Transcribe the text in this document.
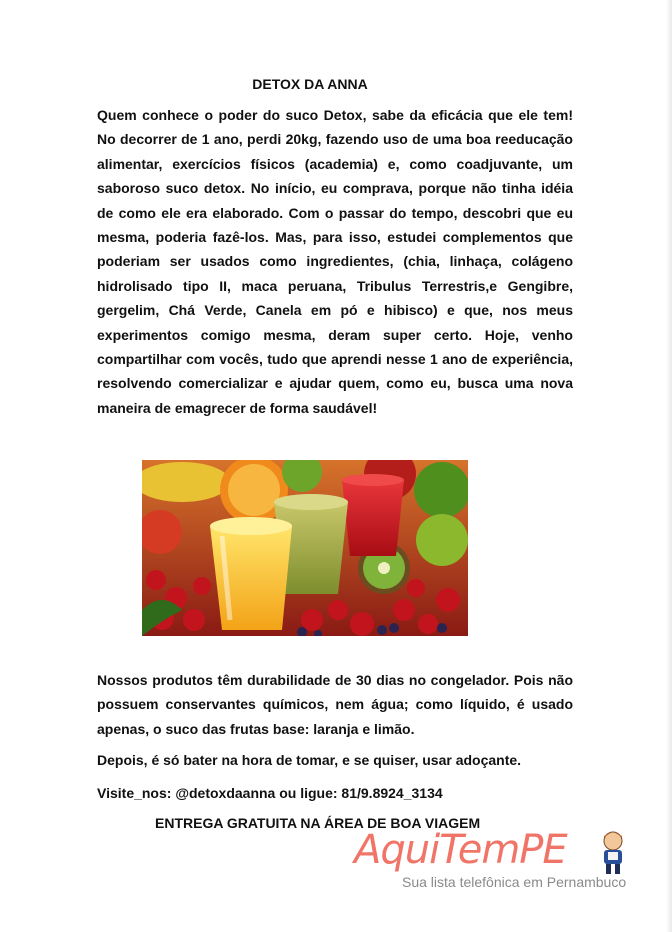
DETOX DA ANNA

Quem conhece o poder do suco Detox, sabe da eficácia que ele tem! No decorrer de 1 ano, perdi 20kg, fazendo uso de uma boa reeducação alimentar, exercícios físicos (academia) e, como coadjuvante, um saboroso suco detox. No início, eu comprava, porque não tinha idéia de como ele era elaborado. Com o passar do tempo, descobri que eu mesma, poderia fazê-los. Mas, para isso, estudei complementos que poderiam ser usados como ingredientes, (chia, linhaça, colágeno hidrolisado tipo II, maca peruana, Tribulus Terrestris,e Gengibre, gergelim, Chá Verde, Canela em pó e hibisco) e que, nos meus experimentos comigo mesma, deram super certo. Hoje, venho compartilhar com vocês, tudo que aprendi nesse 1 ano de experiência, resolvendo comercializar e ajudar quem, como eu, busca uma nova maneira de emagrecer de forma saudável!

Nossos produtos têm durabilidade de 30 dias no congelador. Pois não possuem conservantes químicos, nem água; como líquido, é usado apenas, o suco das frutas base: laranja e limão.

Depois, é só bater na hora de tomar, e se quiser, usar adoçante.

Visite_nos: @detoxdaanna ou ligue: 81/9.8924_3134

ENTREGA GRATUITA NA ÁREA DE BOA VIAGEM

AquiTemPE
Sua lista telefônica em Pernambuco
